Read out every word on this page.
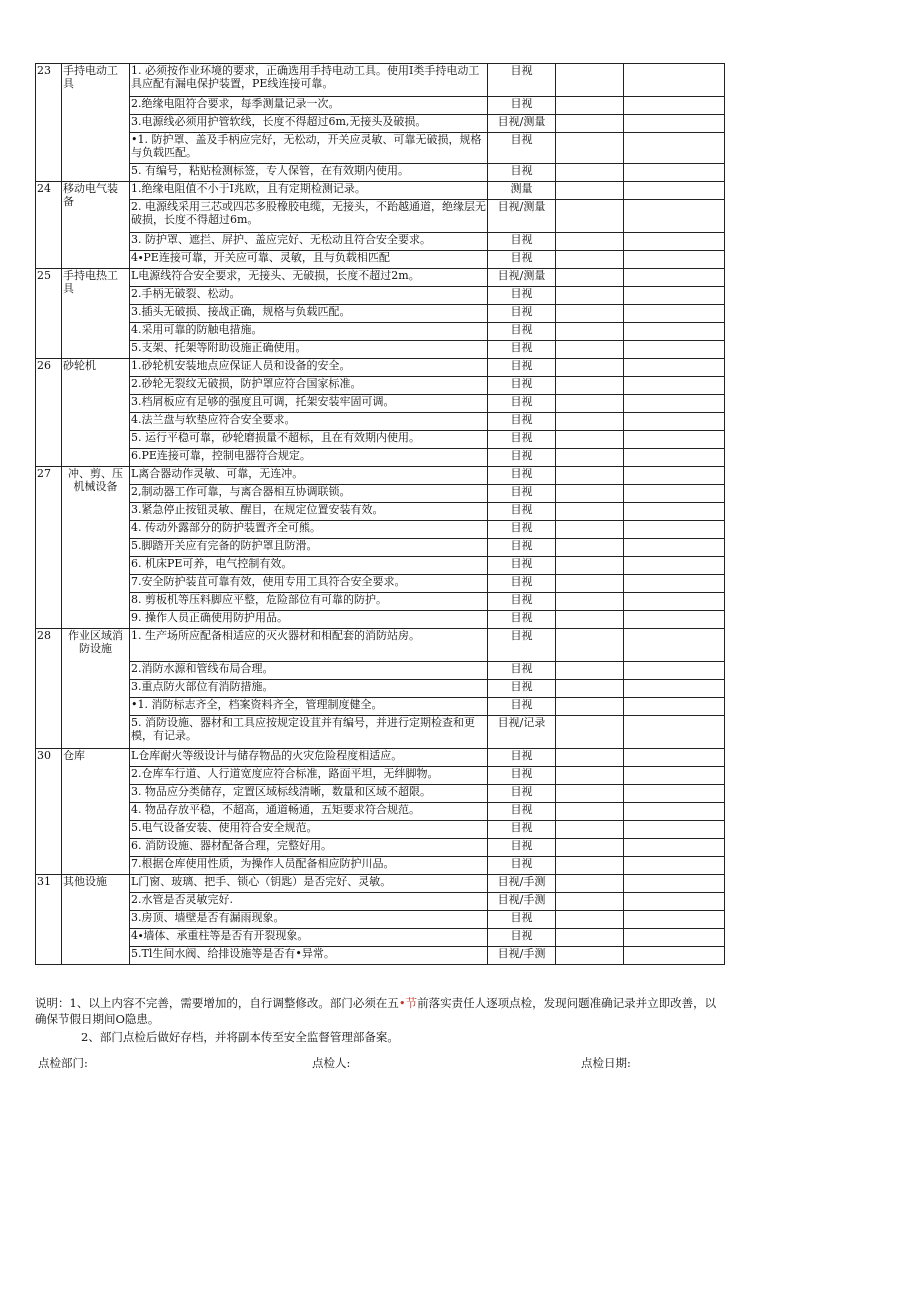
23	手持电动工具	1. 必须按作业环境的要求，正确选用手持电动工具。使用Ⅰ类手持电动工具应配有漏电保护装置，PE线连接可靠。	目视		
		2.绝缘电阻符合要求，每季测量记录一次。	目视		
		3.电源线必须用护管软线，长度不得超过6m,无接头及破损。	目视/测量		
		•1. 防护罩、盖及手柄应完好，无松动，开关应灵敏、可靠无破损，规格与负载匹配。	目视		
		5. 有编号，粘贴检测标签，专人保管，在有效期内使用。	目视		
24	移动电气装备	1.绝缘电阻值不小于Ⅰ兆欧，且有定期检测记录。	测量		
		2. 电源线采用三芯或四芯多股橡胶电缆，无接头，不跆越通道，绝缘层无破损，长度不得超过6m。	目视/测量		
		3. 防护罩、遮拦、屏护、盖应完好、无松动且符合安全要求。	目视		
		4∙PE连接可靠，开关应可靠、灵敏，且与负载相匹配	目视		
25	手持电热工具	L电源线符合安全要求，无接头、无破损，长度不超过2m。	目视/测量		
		2.手柄无破裂、松动。	目视		
		3.插头无破损、接战正确，规格与负载匹配。	目视		
		4.采用可靠的防触电措施。	目视		
		5.支架、托架等附助设施正确使用。	目视		
26	砂轮机	1.砂轮机安装地点应保证人员和设备的安全。	目视		
		2.砂轮无裂纹无破损，防护罩应符合国家标准。	目视		
		3.档屑板应有足够的强度且可调，托架安装牢固可调。	目视		
		4.法兰盘与软垫应符合安全要求。	目视		
		5. 运行平稳可靠，砂轮磨损量不超标，且在有效期内使用。	目视		
		6.PE连接可靠，控制电器符合规定。	目视		
27	冲、剪、压机械设备	L离合器动作灵敏、可靠，无连冲。	目视		
		2,制动器工作可靠，与离合器相互协调联锁。	目视		
		3.紧急停止按钮灵敏、醒目，在规定位置安装有效。	目视		
		4. 传动外露部分的防护装置齐全可熊。	目视		
		5.脚踏开关应有完备的防护罩且防滑。	目视		
		6. 机床PE可养，电气控制有效。	目视		
		7.安全防护装苴可靠有效，使用专用工具符合安全要求。	目视		
		8. 剪板机等压料脚应平整，危险部位有可靠的防护。	目视		
		9. 操作人员正确使用防护用品。	目视		
28	作业区域消防设施	1. 生产场所应配备相适应的灭火器材和相配套的消防站房。	目视		
		2.消防水源和管线布局合理。	目视		
		3.重点防火部位有消防措施。	目视		
		•1. 消防标志齐全，档案资料齐全，管理制度健全。	目视		
		5. 消防设施、器材和工具应按规定设苴并有编号，并进行定期检查和更模，有记录。	目视/记录		
30	仓库	L仓库耐火等级设计与储存物品的火灾危险程度相适应。	目视		
		2.仓库车行道、人行道宽度应符合标准，路面平坦，无绊脚物。	目视		
		3. 物品应分类储存，定置区域标线清晰，数量和区域不超限。	目视		
		4. 物品存放平稳，不超高，通道畅通，五矩要求符合规范。	目视		
		5.电气设备安装、使用符合安全规范。	目视		
		6. 消防设施、器材配备合理，完整好用。	目视		
		7.根据仓库使用性质，为操作人员配备相应防护川品。	目视		
31	其他设施	L门窗、玻璃、把手、锁心（钥匙）是否完好、灵敏。	目视/手测		
		2.水管是否灵敏完好.	目视/手测		
		3.房顶、墙壁是否有漏雨现象。	目视		
		4∙墙体、承重柱等是否有开裂现象。	目视		
		5.Tl生间水阀、给排设施等是否有•异常。	目视/手测		

说明：1、以上内容不完善，需要增加的，自行调整修改。部门必须在五•节前落实责任人逐项点检，发现问题准确记录并立即改善，以确保节假日期间O隐患。

2、部门点检后做好存档，并将副本传至安全监督管理部备案。

点检部门:	点检人:	点检日期:
